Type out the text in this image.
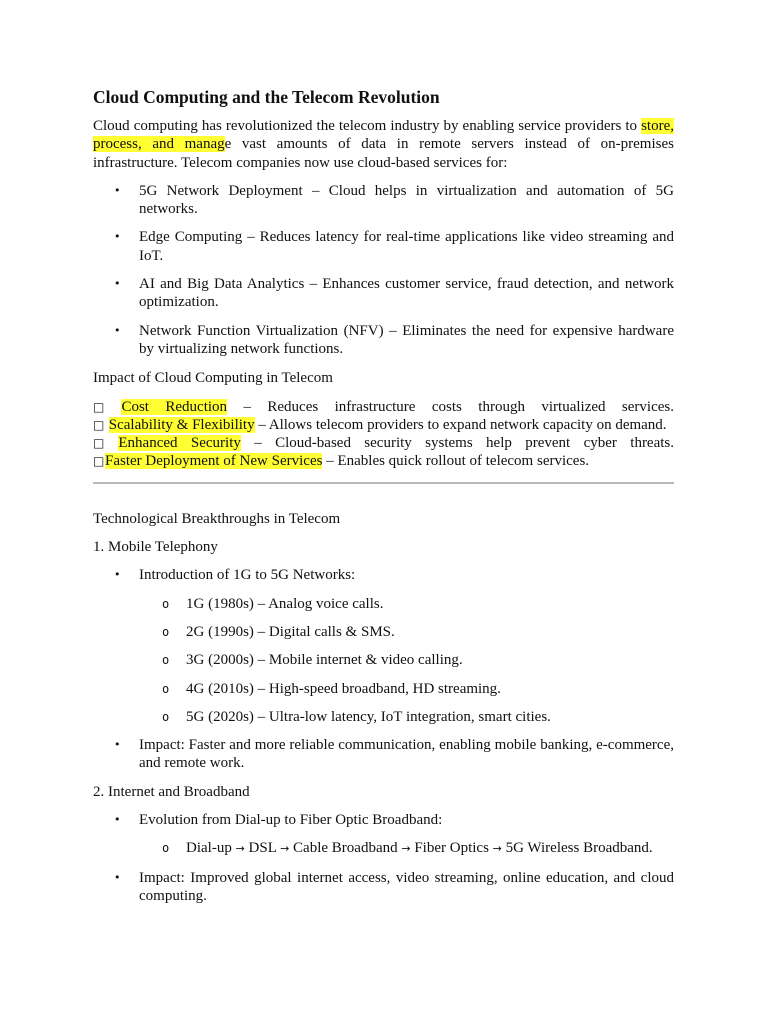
Cloud Computing and the Telecom Revolution

Cloud computing has revolutionized the telecom industry by enabling service providers to store, process, and manage vast amounts of data in remote servers instead of on-premises infrastructure. Telecom companies now use cloud-based services for:

• 5G Network Deployment – Cloud helps in virtualization and automation of 5G networks.
• Edge Computing – Reduces latency for real-time applications like video streaming and IoT.
• AI and Big Data Analytics – Enhances customer service, fraud detection, and network optimization.
• Network Function Virtualization (NFV) – Eliminates the need for expensive hardware by virtualizing network functions.

Impact of Cloud Computing in Telecom

□ Cost Reduction – Reduces infrastructure costs through virtualized services.

□ Scalability & Flexibility – Allows telecom providers to expand network capacity on demand.

□ Enhanced Security – Cloud-based security systems help prevent cyber threats.

□Faster Deployment of New Services – Enables quick rollout of telecom services.

Technological Breakthroughs in Telecom

1. Mobile Telephony

• Introduction of 1G to 5G Networks:
o 1G (1980s) – Analog voice calls.
o 2G (1990s) – Digital calls & SMS.
o 3G (2000s) – Mobile internet & video calling.
o 4G (2010s) – High-speed broadband, HD streaming.
o 5G (2020s) – Ultra-low latency, IoT integration, smart cities.
• Impact: Faster and more reliable communication, enabling mobile banking, e-commerce, and remote work.

2. Internet and Broadband

• Evolution from Dial-up to Fiber Optic Broadband:
o Dial-up → DSL → Cable Broadband → Fiber Optics → 5G Wireless Broadband.
• Impact: Improved global internet access, video streaming, online education, and cloud computing.
